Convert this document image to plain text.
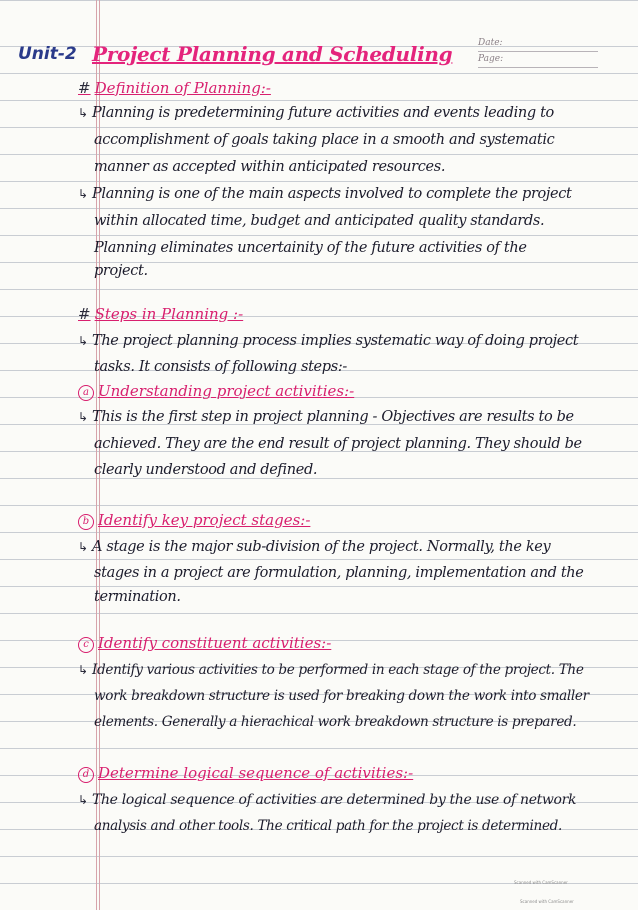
Date:
Page:
Unit-2 Project Planning and Scheduling
# Definition of Planning:-
↳ Planning is predetermining future activities and events leading to
accomplishment of goals taking place in a smooth and systematic
manner as accepted within anticipated resources.
↳ Planning is one of the main aspects involved to complete the project
within allocated time, budget and anticipated quality standards.
Planning eliminates uncertainity of the future activities of the
project.
# Steps in Planning :-
↳ The project planning process implies systematic way of doing project
tasks. It consists of following steps:-
a Understanding project activities:-
↳ This is the first step in project planning - Objectives are results to be
achieved. They are the end result of project planning. They should be
clearly understood and defined.
b Identify key project stages:-
↳ A stage is the major sub-division of the project. Normally, the key
stages in a project are formulation, planning, implementation and the
termination.
c Identify constituent activities:-
↳ Identify various activities to be performed in each stage of the project. The
work breakdown structure is used for breaking down the work into smaller
elements. Generally a hierachical work breakdown structure is prepared.
d Determine logical sequence of activities:-
↳ The logical sequence of activities are determined by the use of network
analysis and other tools. The critical path for the project is determined.
Scanned with CamScanner
Scanned with CamScanner
